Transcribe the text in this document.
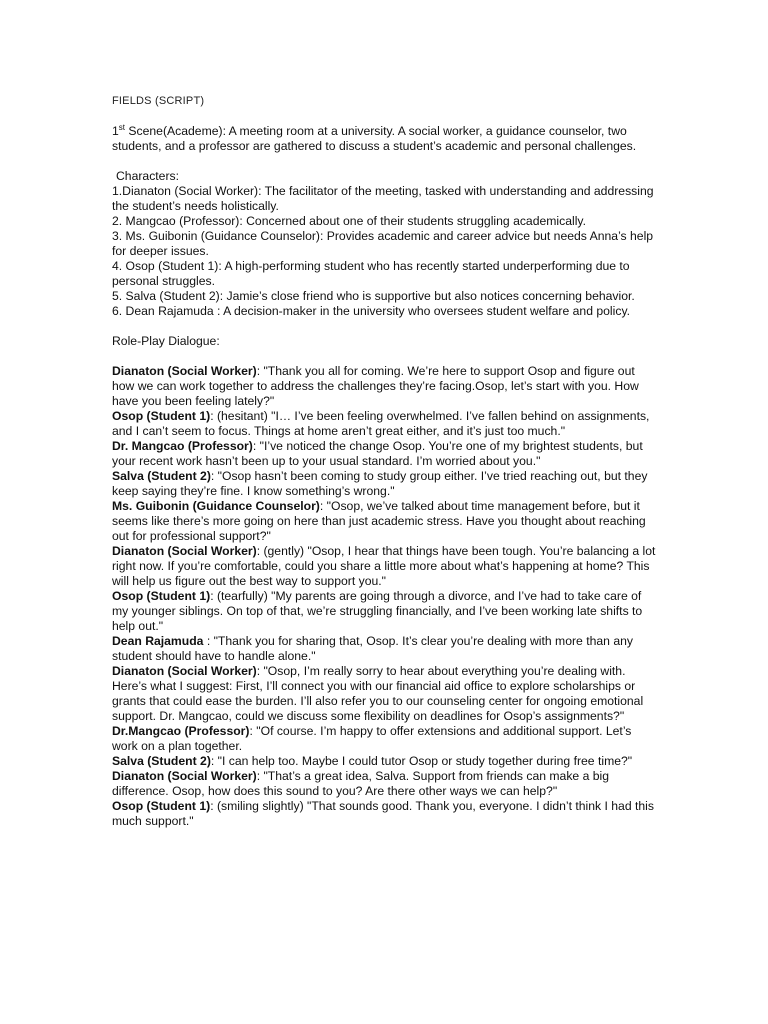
FIELDS (SCRIPT)

1st Scene(Academe): A meeting room at a university. A social worker, a guidance counselor, two students, and a professor are gathered to discuss a student’s academic and personal challenges.

Characters:

1.Dianaton (Social Worker): The facilitator of the meeting, tasked with understanding and addressing the student’s needs holistically.

2. Mangcao (Professor): Concerned about one of their students struggling academically.

3. Ms. Guibonin (Guidance Counselor): Provides academic and career advice but needs Anna’s help for deeper issues.

4. Osop (Student 1): A high-performing student who has recently started underperforming due to personal struggles.

5. Salva (Student 2): Jamie’s close friend who is supportive but also notices concerning behavior.

6. Dean Rajamuda : A decision-maker in the university who oversees student welfare and policy.

Role-Play Dialogue:

Dianaton (Social Worker): "Thank you all for coming. We’re here to support Osop and figure out how we can work together to address the challenges they’re facing.Osop, let’s start with you. How have you been feeling lately?"

Osop (Student 1): (hesitant) "I… I’ve been feeling overwhelmed. I’ve fallen behind on assignments, and I can’t seem to focus. Things at home aren’t great either, and it’s just too much."

Dr. Mangcao (Professor): "I’ve noticed the change Osop. You’re one of my brightest students, but your recent work hasn’t been up to your usual standard. I’m worried about you."

Salva (Student 2): "Osop hasn’t been coming to study group either. I’ve tried reaching out, but they keep saying they’re fine. I know something’s wrong."

Ms. Guibonin (Guidance Counselor): "Osop, we’ve talked about time management before, but it seems like there’s more going on here than just academic stress. Have you thought about reaching out for professional support?"

Dianaton (Social Worker): (gently) "Osop, I hear that things have been tough. You’re balancing a lot right now. If you’re comfortable, could you share a little more about what’s happening at home? This will help us figure out the best way to support you."

Osop (Student 1): (tearfully) "My parents are going through a divorce, and I’ve had to take care of my younger siblings. On top of that, we’re struggling financially, and I’ve been working late shifts to help out."

Dean Rajamuda : "Thank you for sharing that, Osop. It’s clear you’re dealing with more than any student should have to handle alone."

Dianaton (Social Worker): "Osop, I’m really sorry to hear about everything you’re dealing with. Here’s what I suggest: First, I’ll connect you with our financial aid office to explore scholarships or grants that could ease the burden. I’ll also refer you to our counseling center for ongoing emotional support. Dr. Mangcao, could we discuss some flexibility on deadlines for Osop’s assignments?"

Dr.Mangcao (Professor): "Of course. I’m happy to offer extensions and additional support. Let’s work on a plan together.

Salva (Student 2): "I can help too. Maybe I could tutor Osop or study together during free time?"

Dianaton (Social Worker): "That’s a great idea, Salva. Support from friends can make a big difference. Osop, how does this sound to you? Are there other ways we can help?"

Osop (Student 1): (smiling slightly) "That sounds good. Thank you, everyone. I didn’t think I had this much support."
